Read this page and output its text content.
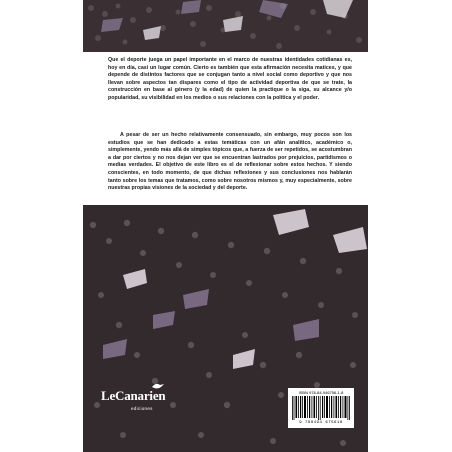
Que el deporte juega un papel importante en el marco de nuestras identidades cotidianas es, hoy en día, casi un lugar común. Cierto es también que esta afirmación necesita matices, y que depende de distintos factores que se conjugan tanto a nivel social como deportivo y que nos llevan sobre aspectos tan dispares como el tipo de actividad deportiva de que se trate, la construcción en base al género (y la edad) de quien la practique o la siga, su alcance y/o popularidad, su visibilidad en los medios o sus relaciones con la política y el poder.

A pesar de ser un hecho relativamente consensuado, sin embargo, muy pocos son los estudios que se han dedicado a estas temáticas con un afán analítico, académico o, simplemente, yendo más allá de simples tópicos que, a fuerza de ser repetidos, se acostumbran a dar por ciertos y no nos dejan ver que se encuentran lastrados por prejuicios, partidismos o medias verdades. El objetivo de este libro es el de reflexionar sobre estos hechos. Y siendo conscientes, en todo momento, de que dichas reflexiones y sus conclusiones nos hablarán tanto sobre los temas que tratamos, como sobre nosotros mismos y, muy especialmente, sobre nuestras propias visiones de la sociedad y del deporte.

LeCanarien

ediciones

ISBN 978-84-946756-1-8

9 788494 675618
